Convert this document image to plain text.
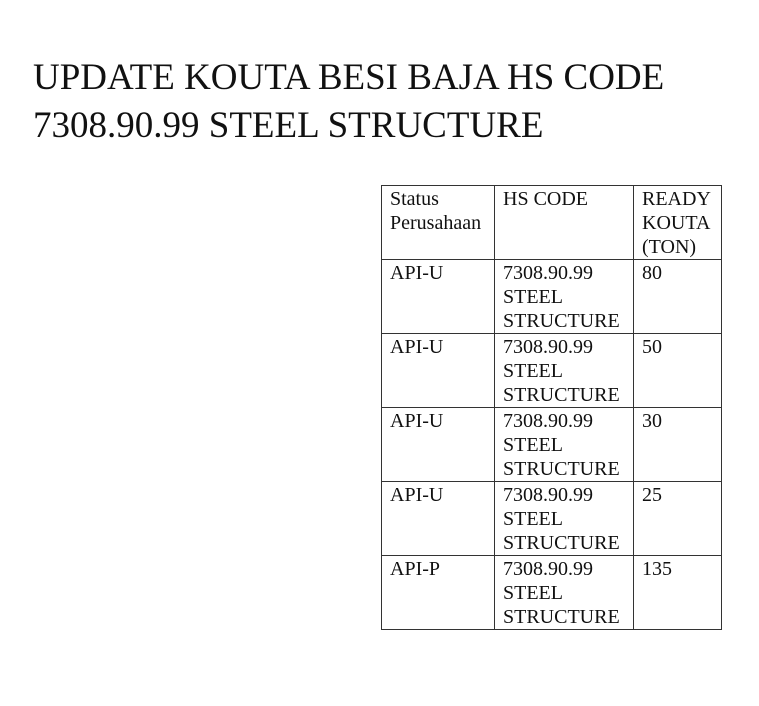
UPDATE KOUTA BESI BAJA HS CODE 7308.90.99 STEEL STRUCTURE
Status Perusahaan	HS CODE	READY KOUTA (TON)
API-U	7308.90.99 STEEL STRUCTURE	80
API-U	7308.90.99 STEEL STRUCTURE	50
API-U	7308.90.99 STEEL STRUCTURE	30
API-U	7308.90.99 STEEL STRUCTURE	25
API-P	7308.90.99 STEEL STRUCTURE	135
